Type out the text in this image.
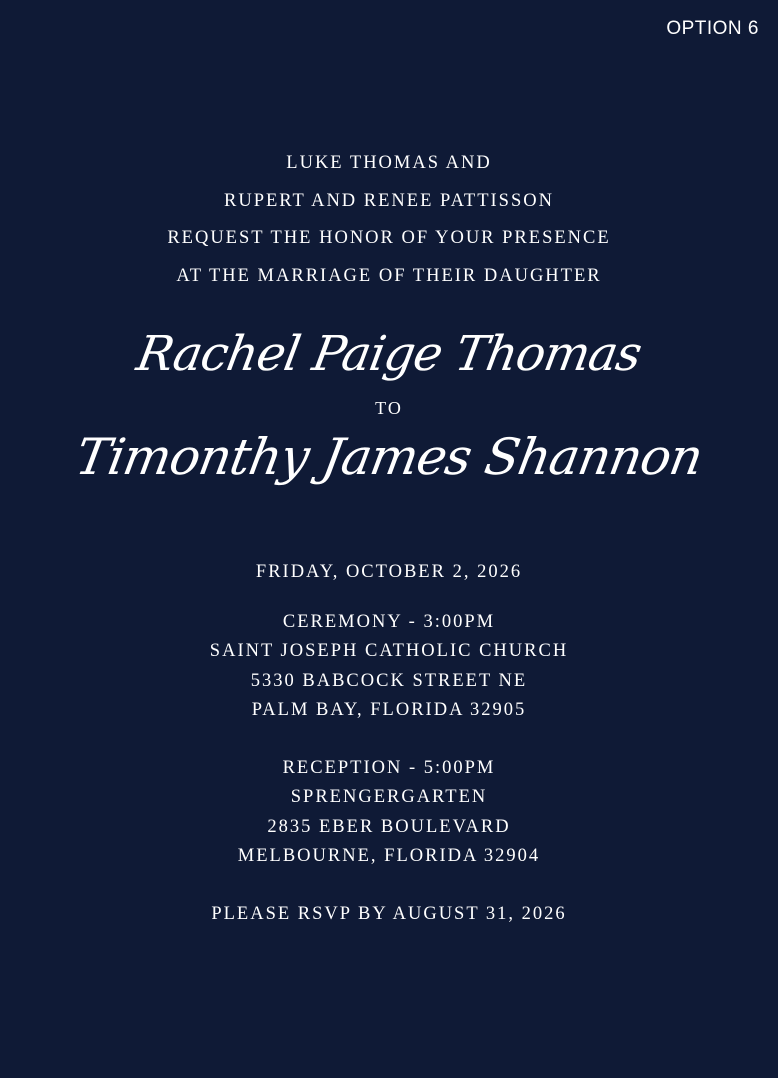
OPTION 6
LUKE THOMAS AND
RUPERT AND RENEE PATTISSON
REQUEST THE HONOR OF YOUR PRESENCE
AT THE MARRIAGE OF THEIR DAUGHTER
Rachel Paige Thomas
TO
Timonthy James Shannon
FRIDAY, OCTOBER 2, 2026
CEREMONY - 3:00PM
SAINT JOSEPH CATHOLIC CHURCH
5330 BABCOCK STREET NE
PALM BAY, FLORIDA 32905
RECEPTION - 5:00PM
SPRENGERGARTEN
2835 EBER BOULEVARD
MELBOURNE, FLORIDA 32904
PLEASE RSVP BY AUGUST 31, 2026
